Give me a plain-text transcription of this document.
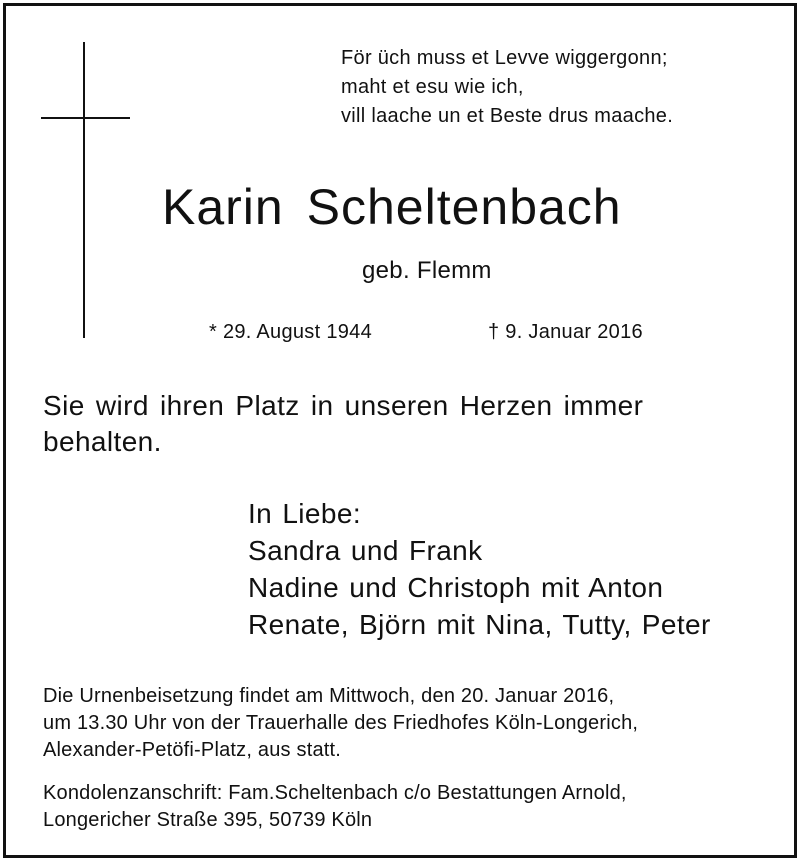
För üch muss et Levve wiggergonn;
maht et esu wie ich,
vill laache un et Beste drus maache.
Karin Scheltenbach
geb. Flemm
* 29. August 1944	† 9. Januar 2016
Sie wird ihren Platz in unseren Herzen immer
behalten.
In Liebe:
Sandra und Frank
Nadine und Christoph mit Anton
Renate, Björn mit Nina, Tutty, Peter
Die Urnenbeisetzung findet am Mittwoch, den 20. Januar 2016,
um 13.30 Uhr von der Trauerhalle des Friedhofes Köln-Longerich,
Alexander-Petöfi-Platz, aus statt.
Kondolenzanschrift: Fam.Scheltenbach c/o Bestattungen Arnold,
Longericher Straße 395, 50739 Köln
